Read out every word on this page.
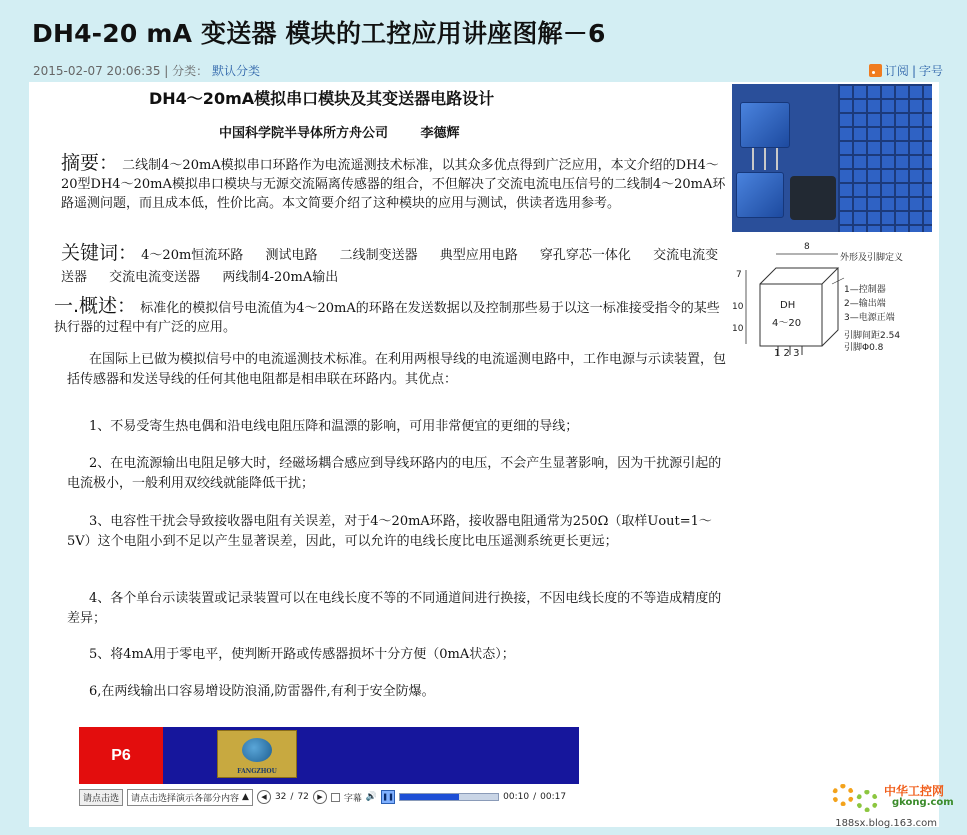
DH4-20 mA 变送器 模块的工控应用讲座图解－6
2015-02-07 20:06:35 | 分类： 默认分类	订阅 | 字号
DH4～20mA模拟串口模块及其变送器电路设计
中国科学院半导体所方舟公司	李德辉
摘要： 二线制4～20mA模拟串口环路作为电流遥测技术标准，以其众多优点得到广泛应用，本文介绍的DH4～20型DH4～20mA模拟串口模块与无源交流隔离传感器的组合，不但解决了交流电流电压信号的二线制4～20mA环路遥测问题，而且成本低，性价比高。本文简要介绍了这种模块的应用与测试，供读者选用参考。
关键词： 4～20m恒流环路 测试电路 二线制变送器 典型应用电路 穿孔穿芯一体化 交流电流变送器 交流电流变送器 两线制4-20mA输出
一.概述： 标准化的模拟信号电流值为4～20mA的环路在发送数据以及控制那些易于以这一标准接受指令的某些执行器的过程中有广泛的应用。
在国际上已做为模拟信号中的电流遥测技术标准。在利用两根导线的电流遥测电路中，工作电源与示读装置，包括传感器和发送导线的任何其他电阻都是相串联在环路内。其优点：
1、不易受寄生热电偶和沿电线电阻压降和温漂的影响，可用非常便宜的更细的导线；
2、在电流源输出电阻足够大时，经磁场耦合感应到导线环路内的电压，不会产生显著影响，因为干扰源引起的电流极小，一般利用双绞线就能降低干扰；
3、电容性干扰会导致接收器电阻有关误差，对于4～20mA环路，接收器电阻通常为250Ω（取样Uout=1～5V）这个电阻小到不足以产生显著误差，因此，可以允许的电线长度比电压遥测系统更长更远；
4、各个单台示读装置或记录装置可以在电线长度不等的不同通道间进行换接，不因电线长度的不等造成精度的差异；
5、将4mA用于零电平，使判断开路或传感器损坏十分方便（0mA状态）；
6,在两线输出口容易增设防浪涌,防雷器件,有利于安全防爆。
外形及引脚定义
8
7
10
10
DH
4～20
1—控制器
2—输出端
3—电源正端
引脚间距2.54
引脚Φ0.8
1 2 3
P6
FANGZHOU
请点击选	请点击选择演示各部分内容 ▲	◀ 32 / 72	▶	字幕 🔊 ❚❚	00:10 / 00:17	中华工控网
gkong.com
188sx.blog.163.com
